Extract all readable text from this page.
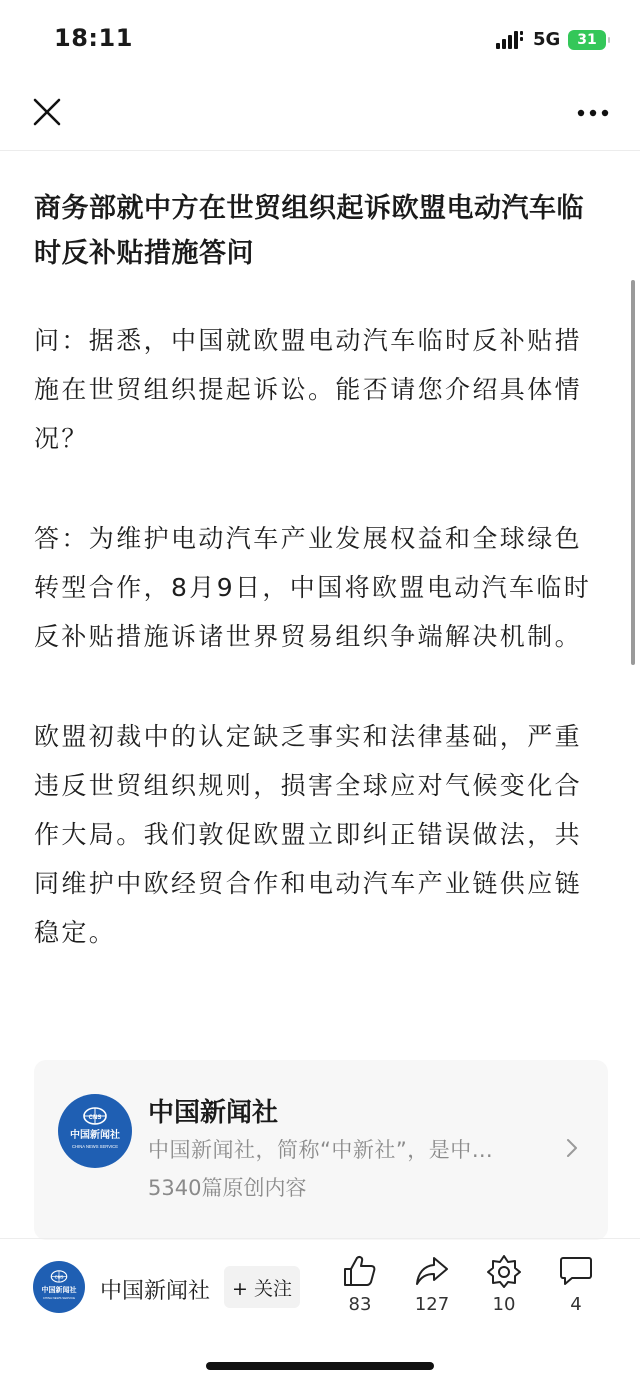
18:11	5G 31
商务部就中方在世贸组织起诉欧盟电动汽车临时反补贴措施答问

问：据悉，中国就欧盟电动汽车临时反补贴措施在世贸组织提起诉讼。能否请您介绍具体情况？

答：为维护电动汽车产业发展权益和全球绿色转型合作，8月9日，中国将欧盟电动汽车临时反补贴措施诉诸世界贸易组织争端解决机制。

欧盟初裁中的认定缺乏事实和法律基础，严重违反世贸组织规则，损害全球应对气候变化合作大局。我们敦促欧盟立即纠正错误做法，共同维护中欧经贸合作和电动汽车产业链供应链稳定。

CNS
中国新闻社
CHINA NEWS SERVICE
中国新闻社
中国新闻社，简称“中新社”，是中…
5340篇原创内容
CNS
中国新闻社
CHINA NEWS SERVICE 中国新闻社	+ 关注
83	127	10	4
